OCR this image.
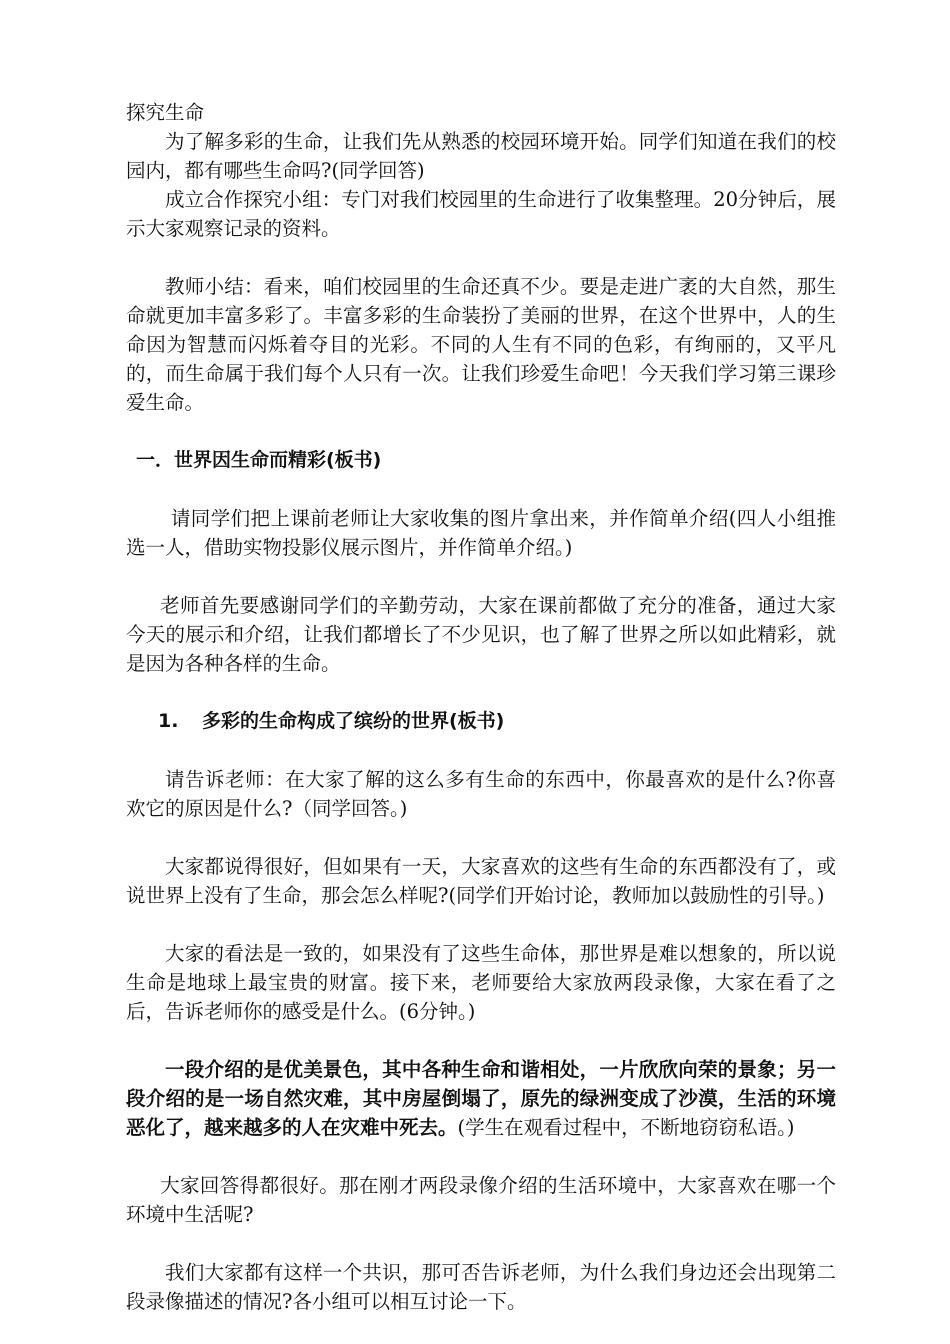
探究生命

为了解多彩的生命，让我们先从熟悉的校园环境开始。同学们知道在我们的校园内，都有哪些生命吗?(同学回答)

成立合作探究小组：专门对我们校园里的生命进行了收集整理。20分钟后，展示大家观察记录的资料。

教师小结：看来，咱们校园里的生命还真不少。要是走进广袤的大自然，那生命就更加丰富多彩了。丰富多彩的生命装扮了美丽的世界，在这个世界中，人的生命因为智慧而闪烁着夺目的光彩。不同的人生有不同的色彩，有绚丽的，又平凡的，而生命属于我们每个人只有一次。让我们珍爱生命吧！今天我们学习第三课珍爱生命。

一．世界因生命而精彩(板书)

请同学们把上课前老师让大家收集的图片拿出来，并作简单介绍(四人小组推选一人，借助实物投影仪展示图片，并作简单介绍。)

老师首先要感谢同学们的辛勤劳动，大家在课前都做了充分的准备，通过大家今天的展示和介绍，让我们都增长了不少见识，也了解了世界之所以如此精彩，就是因为各种各样的生命。

1. 多彩的生命构成了缤纷的世界(板书)

请告诉老师：在大家了解的这么多有生命的东西中，你最喜欢的是什么?你喜欢它的原因是什么?（同学回答。)

大家都说得很好，但如果有一天，大家喜欢的这些有生命的东西都没有了，或说世界上没有了生命，那会怎么样呢?(同学们开始讨论，教师加以鼓励性的引导。)

大家的看法是一致的，如果没有了这些生命体，那世界是难以想象的，所以说生命是地球上最宝贵的财富。接下来，老师要给大家放两段录像，大家在看了之后，告诉老师你的感受是什么。(6分钟。)

一段介绍的是优美景色，其中各种生命和谐相处，一片欣欣向荣的景象；另一段介绍的是一场自然灾难，其中房屋倒塌了，原先的绿洲变成了沙漠，生活的环境恶化了，越来越多的人在灾难中死去。(学生在观看过程中，不断地窃窃私语。)

大家回答得都很好。那在刚才两段录像介绍的生活环境中，大家喜欢在哪一个环境中生活呢?

我们大家都有这样一个共识，那可否告诉老师，为什么我们身边还会出现第二段录像描述的情况?各小组可以相互讨论一下。
